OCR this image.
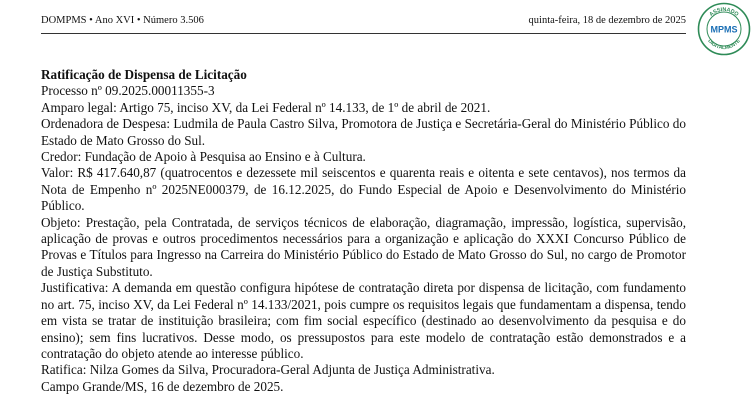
DOMPMS • Ano XVI • Número 3.506	quinta-feira, 18 de dezembro de 2025
ASSINADO
DIGITALMENTE
MPMS

Ratificação de Dispensa de Licitação

Processo nº 09.2025.00011355-3

Amparo legal: Artigo 75, inciso XV, da Lei Federal nº 14.133, de 1º de abril de 2021.

Ordenadora de Despesa: Ludmila de Paula Castro Silva, Promotora de Justiça e Secretária-Geral do Ministério Público do Estado de Mato Grosso do Sul.

Credor: Fundação de Apoio à Pesquisa ao Ensino e à Cultura.

Valor: R$ 417.640,87 (quatrocentos e dezessete mil seiscentos e quarenta reais e oitenta e sete centavos), nos termos da Nota de Empenho nº 2025NE000379, de 16.12.2025, do Fundo Especial de Apoio e Desenvolvimento do Ministério Público.

Objeto: Prestação, pela Contratada, de serviços técnicos de elaboração, diagramação, impressão, logística, supervisão, aplicação de provas e outros procedimentos necessários para a organização e aplicação do XXXI Concurso Público de Provas e Títulos para Ingresso na Carreira do Ministério Público do Estado de Mato Grosso do Sul, no cargo de Promotor de Justiça Substituto.

Justificativa: A demanda em questão configura hipótese de contratação direta por dispensa de licitação, com fundamento no art. 75, inciso XV, da Lei Federal nº 14.133/2021, pois cumpre os requisitos legais que fundamentam a dispensa, tendo em vista se tratar de instituição brasileira; com fim social específico (destinado ao desenvolvimento da pesquisa e do ensino); sem fins lucrativos. Desse modo, os pressupostos para este modelo de contratação estão demonstrados e a contratação do objeto atende ao interesse público.

Ratifica: Nilza Gomes da Silva, Procuradora-Geral Adjunta de Justiça Administrativa.

Campo Grande/MS, 16 de dezembro de 2025.
